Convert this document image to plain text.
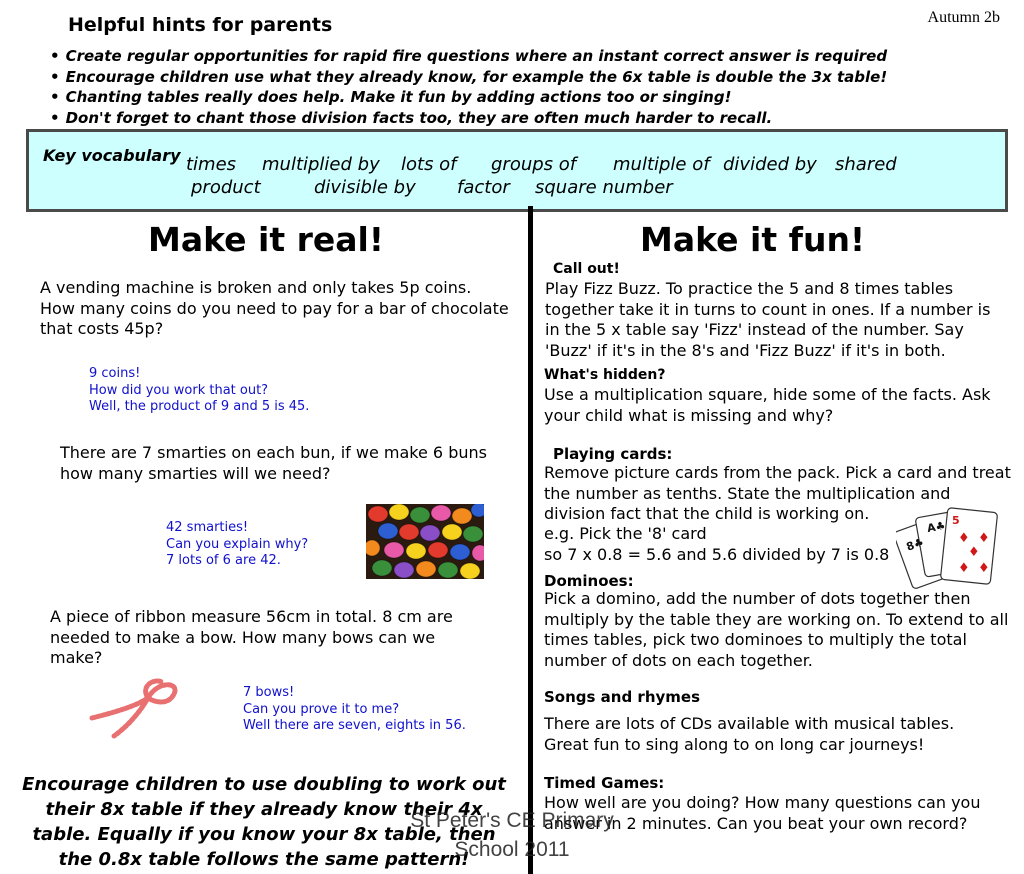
Autumn 2b
Helpful hints for parents
• Create regular opportunities for rapid fire questions where an instant correct answer is required
• Encourage children use what they already know, for example the 6x table is double the 3x table!
• Chanting tables really does help. Make it fun by adding actions too or singing!
• Don't forget to chant those division facts too, they are often much harder to recall.
Key vocabulary times multiplied by lots of groups of multiple of divided by shared
product	divisible by factor square number
Make it real!
A vending machine is broken and only takes 5p coins. How many coins do you need to pay for a bar of chocolate that costs 45p?
9 coins!
How did you work that out?
Well, the product of 9 and 5 is 45.
There are 7 smarties on each bun, if we make 6 buns how many smarties will we need?
42 smarties!
Can you explain why?
7 lots of 6 are 42.
A piece of ribbon measure 56cm in total. 8 cm are needed to make a bow. How many bows can we make?
7 bows!
Can you prove it to me?
Well there are seven, eights in 56.
Encourage children to use doubling to work out their 8x table if they already know their 4x table. Equally if you know your 8x table, then the 0.8x table follows the same pattern!
Make it fun!
Call out!
Play Fizz Buzz. To practice the 5 and 8 times tables together take it in turns to count in ones. If a number is in the 5 x table say 'Fizz' instead of the number. Say 'Buzz' if it's in the 8's and 'Fizz Buzz' if it's in both.
What's hidden?
Use a multiplication square, hide some of the facts. Ask your child what is missing and why?
Playing cards:
Remove picture cards from the pack. Pick a card and treat the number as tenths. State the multiplication and division fact that the child is working on.
e.g. Pick the '8' card
so 7 x 0.8 = 5.6 and 5.6 divided by 7 is 0.8
8♣
A♣ 5
♦ ♦
♦
♦ ♦
Dominoes:
Pick a domino, add the number of dots together then multiply by the table they are working on. To extend to all times tables, pick two dominoes to multiply the total number of dots on each together.
Songs and rhymes
There are lots of CDs available with musical tables. Great fun to sing along to on long car journeys!
Timed Games:
How well are you doing? How many questions can you answer in 2 minutes. Can you beat your own record?
St Peter's CE Primary
School 2011
